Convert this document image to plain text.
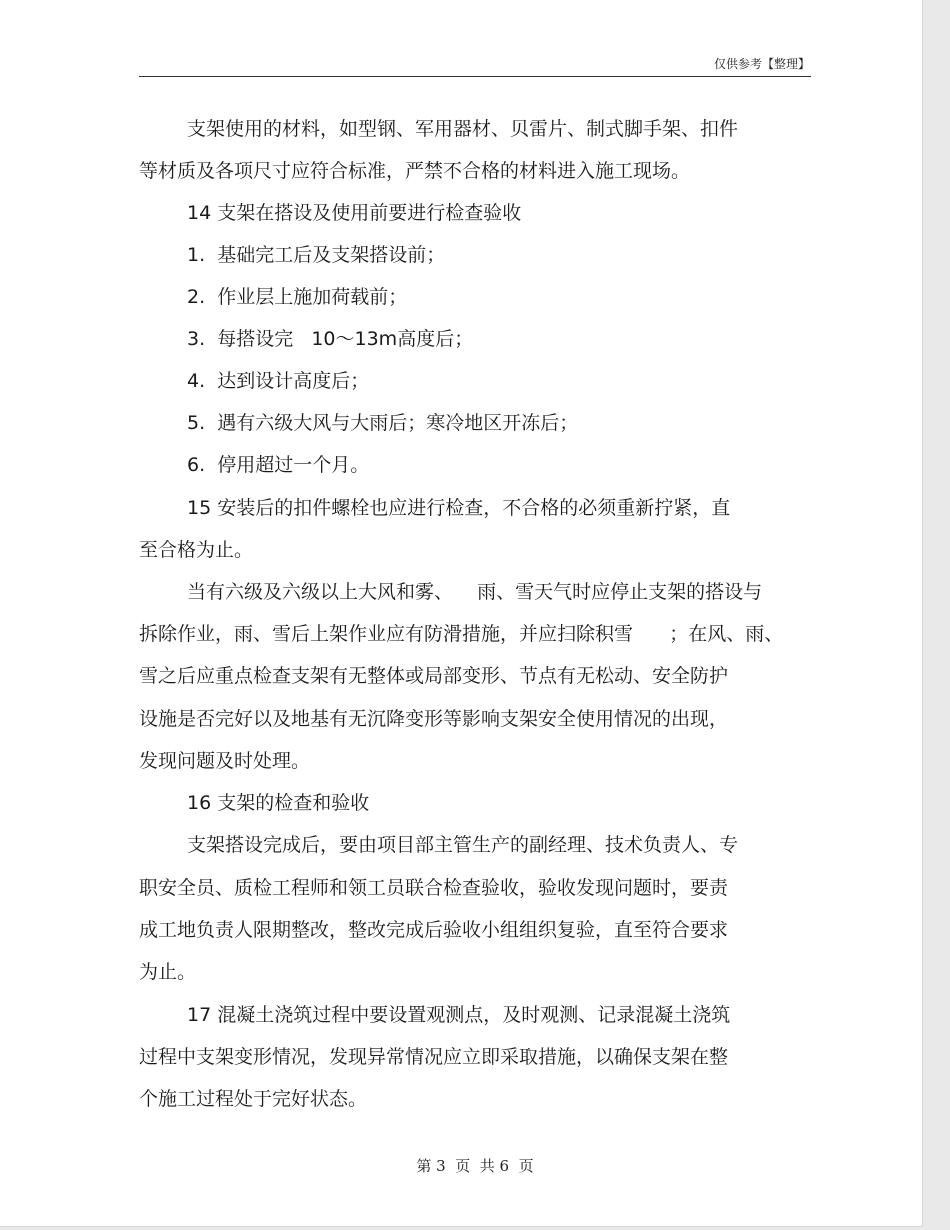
仅供参考【整理】
支架使用的材料，如型钢、军用器材、贝雷片、制式脚手架、扣件
等材质及各项尺寸应符合标准，严禁不合格的材料进入施工现场。
14 支架在搭设及使用前要进行检查验收
1.  基础完工后及支架搭设前；
2.  作业层上施加荷载前；
3.  每搭设完   10～13m高度后；
4.  达到设计高度后；
5.  遇有六级大风与大雨后；寒冷地区开冻后；
6.  停用超过一个月。
15 安装后的扣件螺栓也应进行检查，不合格的必须重新拧紧，直
至合格为止。
当有六级及六级以上大风和雾、    雨、雪天气时应停止支架的搭设与
拆除作业，雨、雪后上架作业应有防滑措施，并应扫除积雪      ；在风、雨、
雪之后应重点检查支架有无整体或局部变形、节点有无松动、安全防护
设施是否完好以及地基有无沉降变形等影响支架安全使用情况的出现，
发现问题及时处理。
16 支架的检查和验收
支架搭设完成后，要由项目部主管生产的副经理、技术负责人、专
职安全员、质检工程师和领工员联合检查验收，验收发现问题时，要责
成工地负责人限期整改，整改完成后验收小组组织复验，直至符合要求
为止。
17 混凝土浇筑过程中要设置观测点，及时观测、记录混凝土浇筑
过程中支架变形情况，发现异常情况应立即采取措施，以确保支架在整
个施工过程处于完好状态。
第 3  页  共 6  页
